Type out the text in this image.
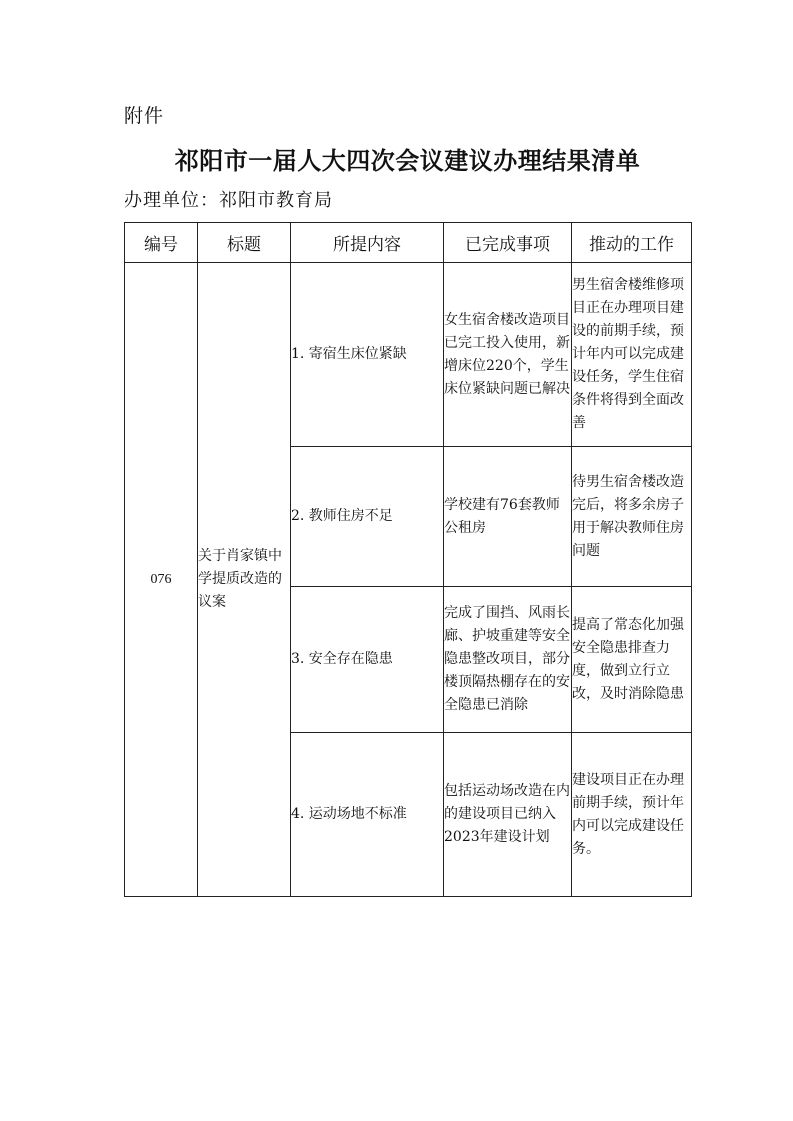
附件
祁阳市一届人大四次会议建议办理结果清单
办理单位：祁阳市教育局
编号	标题	所提内容	已完成事项	推动的工作
076	关于肖家镇中学提质改造的议案	1. 寄宿生床位紧缺	女生宿舍楼改造项目已完工投入使用，新增床位220个，学生床位紧缺问题已解决	男生宿舍楼维修项目正在办理项目建设的前期手续，预计年内可以完成建设任务，学生住宿条件将得到全面改善

		2. 教师住房不足	学校建有76套教师公租房	待男生宿舍楼改造完后，将多余房子用于解决教师住房问题

		3. 安全存在隐患	完成了围挡、风雨长廊、护坡重建等安全隐患整改项目，部分楼顶隔热棚存在的安全隐患已消除	提高了常态化加强安全隐患排查力度，做到立行立改，及时消除隐患

		4. 运动场地不标准	包括运动场改造在内的建设项目已纳入2023年建设计划	建设项目正在办理前期手续，预计年内可以完成建设任务。
